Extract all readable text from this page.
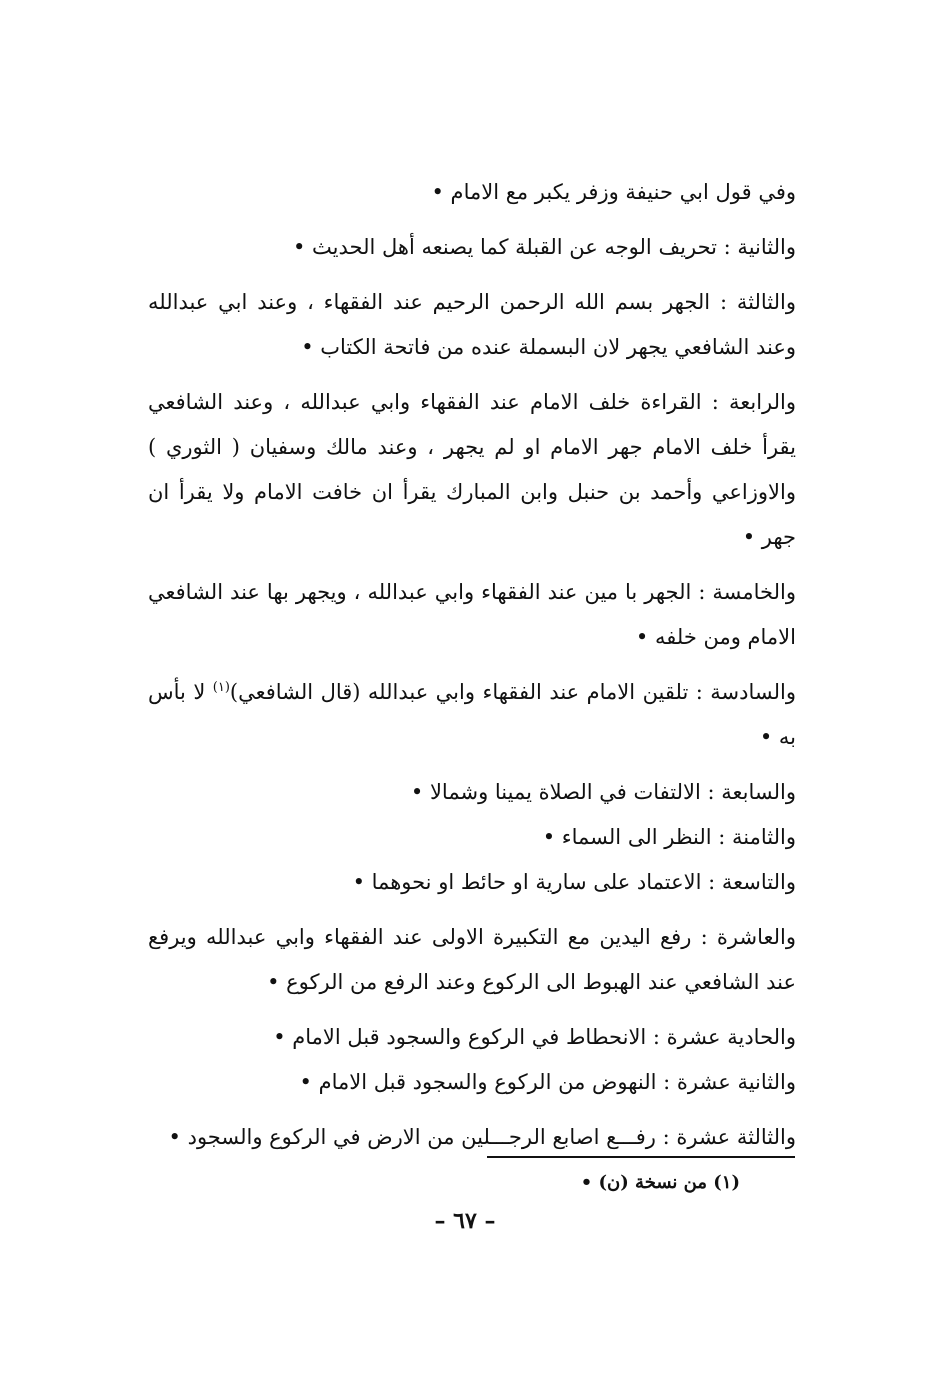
وفي قول ابي حنيفة وزفر يكبر مع الامام •

والثانية : تحريف الوجه عن القبلة كما يصنعه أهل الحديث •

والثالثة : الجهر بسم الله الرحمن الرحيم عند الفقهاء ، وعند ابي عبدالله وعند الشافعي يجهر لان البسملة عنده من فاتحة الكتاب •

والرابعة : القراءة خلف الامام عند الفقهاء وابي عبدالله ، وعند الشافعي يقرأ خلف الامام جهر الامام او لم يجهر ، وعند مالك وسفيان ( الثوري ) والاوزاعي وأحمد بن حنبل وابن المبارك يقرأ ان خافت الامام ولا يقرأ ان جهر •

والخامسة : الجهر با مين عند الفقهاء وابي عبدالله ، ويجهر بها عند الشافعي الامام ومن خلفه •

والسادسة : تلقين الامام عند الفقهاء وابي عبدالله (قال الشافعي)$^{(١)}$ لا بأس به •

والسابعة : الالتفات في الصلاة يمينا وشمالا •

والثامنة : النظر الى السماء •

والتاسعة : الاعتماد على سارية او حائط او نحوهما •

والعاشرة : رفع اليدين مع التكبيرة الاولى عند الفقهاء وابي عبدالله ويرفع عند الشافعي عند الهبوط الى الركوع وعند الرفع من الركوع •

والحادية عشرة : الانحطاط في الركوع والسجود قبل الامام •

والثانية عشرة : النهوض من الركوع والسجود قبل الامام •

والثالثة عشرة : رفـــع اصابع الرجـــلين من الارض في الركوع والسجود •

(١) من نسخة (ن) •
– ٦٧ –
